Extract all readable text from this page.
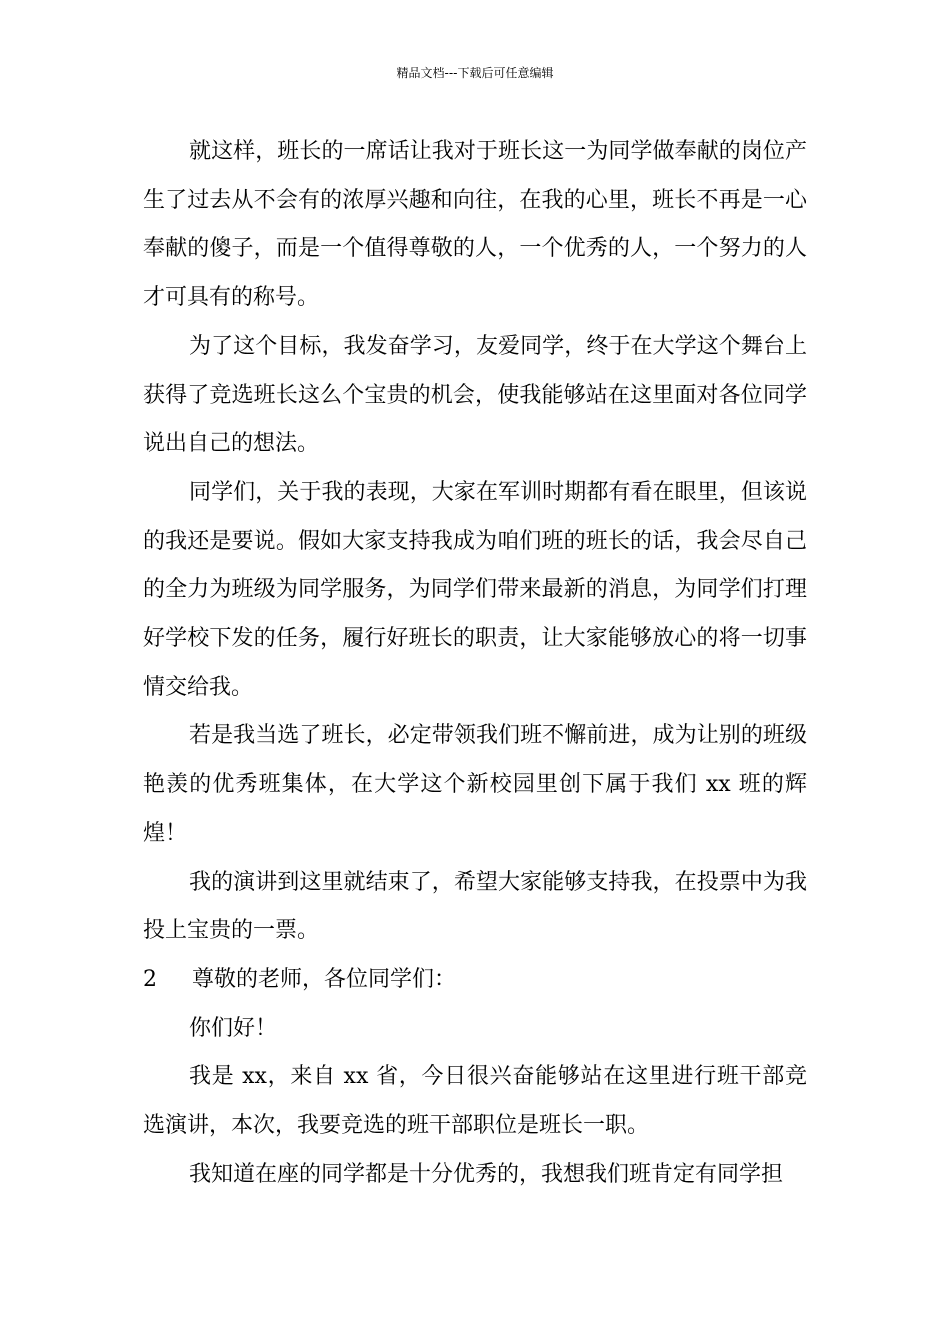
精品文档---下载后可任意编辑

就这样，班长的一席话让我对于班长这一为同学做奉献的岗位产生了过去从不会有的浓厚兴趣和向往，在我的心里，班长不再是一心奉献的傻子，而是一个值得尊敬的人，一个优秀的人，一个努力的人才可具有的称号。

为了这个目标，我发奋学习，友爱同学，终于在大学这个舞台上获得了竞选班长这么个宝贵的机会，使我能够站在这里面对各位同学说出自己的想法。

同学们，关于我的表现，大家在军训时期都有看在眼里，但该说的我还是要说。假如大家支持我成为咱们班的班长的话，我会尽自己的全力为班级为同学服务，为同学们带来最新的消息，为同学们打理好学校下发的任务，履行好班长的职责，让大家能够放心的将一切事情交给我。

若是我当选了班长，必定带领我们班不懈前进，成为让别的班级艳羡的优秀班集体，在大学这个新校园里创下属于我们 xx 班的辉煌！

我的演讲到这里就结束了，希望大家能够支持我，在投票中为我投上宝贵的一票。

2 尊敬的老师，各位同学们：

你们好！

我是 xx，来自 xx 省，今日很兴奋能够站在这里进行班干部竞选演讲，本次，我要竞选的班干部职位是班长一职。

我知道在座的同学都是十分优秀的，我想我们班肯定有同学担
